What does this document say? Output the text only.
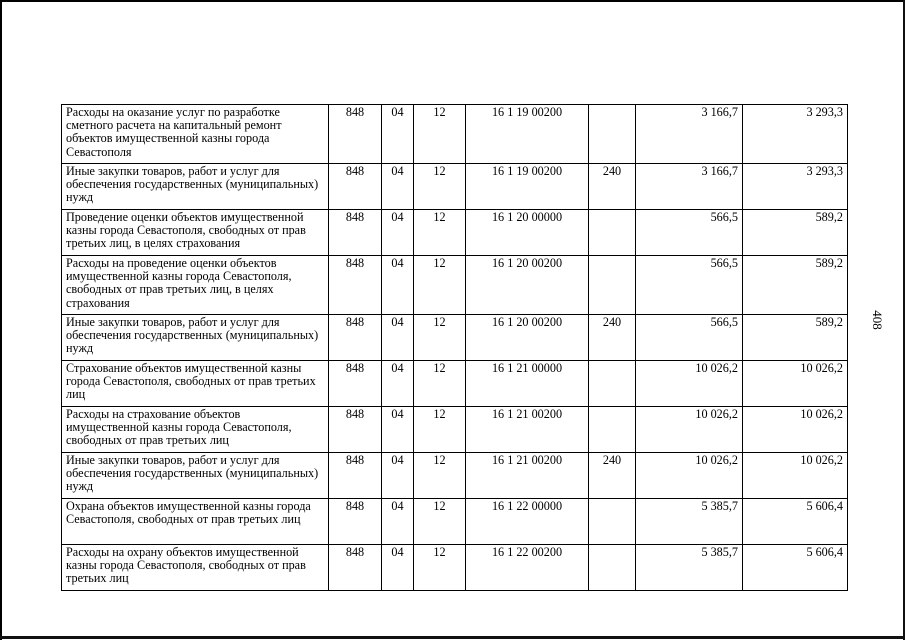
Расходы на оказание услуг по разработке сметного расчета на капитальный ремонт объектов имущественной казны города Севастополя	848	04	12	16 1 19 00200		3 166,7	3 293,3
Иные закупки товаров, работ и услуг для обеспечения государственных (муниципальных) нужд	848	04	12	16 1 19 00200	240	3 166,7	3 293,3
Проведение оценки объектов имущественной казны города Севастополя, свободных от прав третьих лиц, в целях страхования	848	04	12	16 1 20 00000		566,5	589,2
Расходы на проведение оценки объектов имущественной казны города Севастополя, свободных от прав третьих лиц, в целях страхования	848	04	12	16 1 20 00200		566,5	589,2
Иные закупки товаров, работ и услуг для обеспечения государственных (муниципальных) нужд	848	04	12	16 1 20 00200	240	566,5	589,2
Страхование объектов имущественной казны города Севастополя, свободных от прав третьих лиц	848	04	12	16 1 21 00000		10 026,2	10 026,2
Расходы на страхование объектов имущественной казны города Севастополя, свободных от прав третьих лиц	848	04	12	16 1 21 00200		10 026,2	10 026,2
Иные закупки товаров, работ и услуг для обеспечения государственных (муниципальных) нужд	848	04	12	16 1 21 00200	240	10 026,2	10 026,2
Охрана объектов имущественной казны города Севастополя, свободных от прав третьих лиц	848	04	12	16 1 22 00000		5 385,7	5 606,4
Расходы на охрану объектов имущественной казны города Севастополя, свободных от прав третьих лиц	848	04	12	16 1 22 00200		5 385,7	5 606,4
408
